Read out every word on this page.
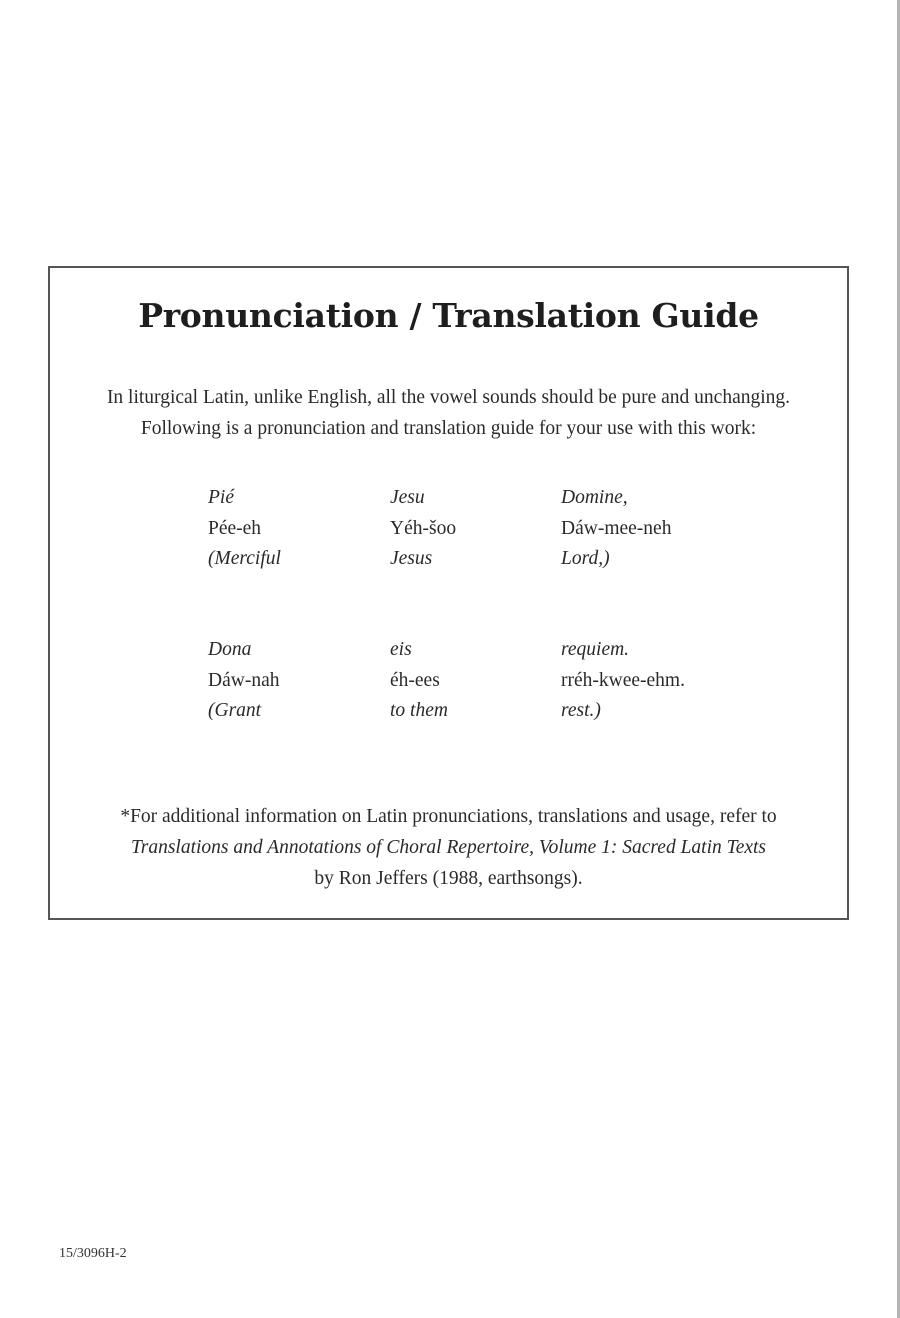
Pronunciation / Translation Guide
In liturgical Latin, unlike English, all the vowel sounds should be pure and unchanging.
Following is a pronunciation and translation guide for your use with this work:
Pié	Jesu	Domine,
Pée-eh	Yéh-šoo	Dáw-mee-neh
(Merciful	Jesus	Lord,)
Dona	eis	requiem.
Dáw-nah	éh-ees	rréh-kwee-ehm.
(Grant	to them	rest.)
*For additional information on Latin pronunciations, translations and usage, refer to
Translations and Annotations of Choral Repertoire, Volume 1: Sacred Latin Texts
by Ron Jeffers (1988, earthsongs).
15/3096H-2
